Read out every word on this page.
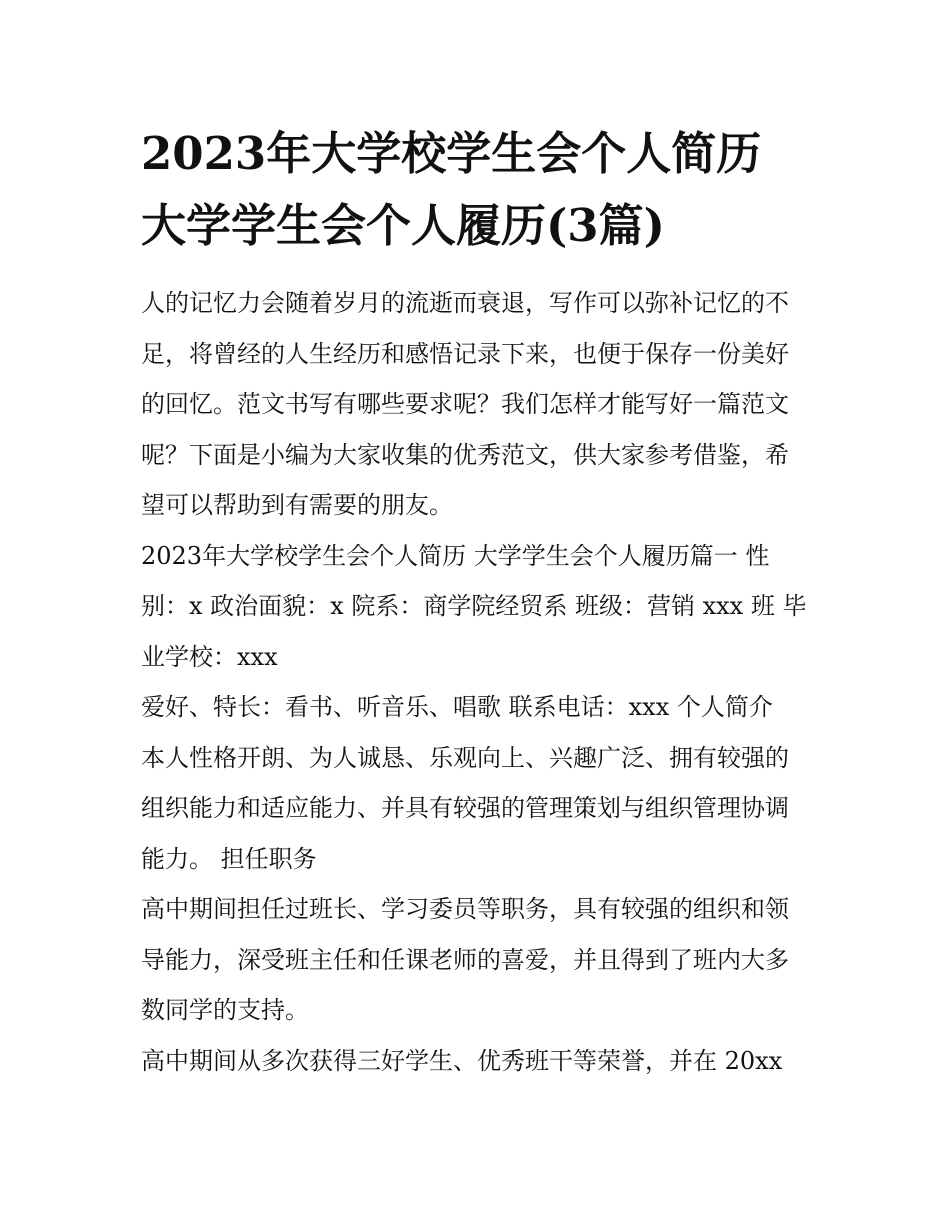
2023年大学校学生会个人简历
大学学生会个人履历(3篇)

人的记忆力会随着岁月的流逝而衰退，写作可以弥补记忆的不
足，将曾经的人生经历和感悟记录下来，也便于保存一份美好
的回忆。范文书写有哪些要求呢？我们怎样才能写好一篇范文
呢？下面是小编为大家收集的优秀范文，供大家参考借鉴，希
望可以帮助到有需要的朋友。

2023年大学校学生会个人简历 大学学生会个人履历篇一 性
别：x 政治面貌：x 院系：商学院经贸系 班级：营销 xxx 班 毕
业学校：xxx

爱好、特长：看书、听音乐、唱歌 联系电话：xxx 个人简介
本人性格开朗、为人诚恳、乐观向上、兴趣广泛、拥有较强的
组织能力和适应能力、并具有较强的管理策划与组织管理协调
能力。 担任职务

高中期间担任过班长、学习委员等职务，具有较强的组织和领
导能力，深受班主任和任课老师的喜爱，并且得到了班内大多
数同学的支持。

高中期间从多次获得三好学生、优秀班干等荣誉，并在 20xx
